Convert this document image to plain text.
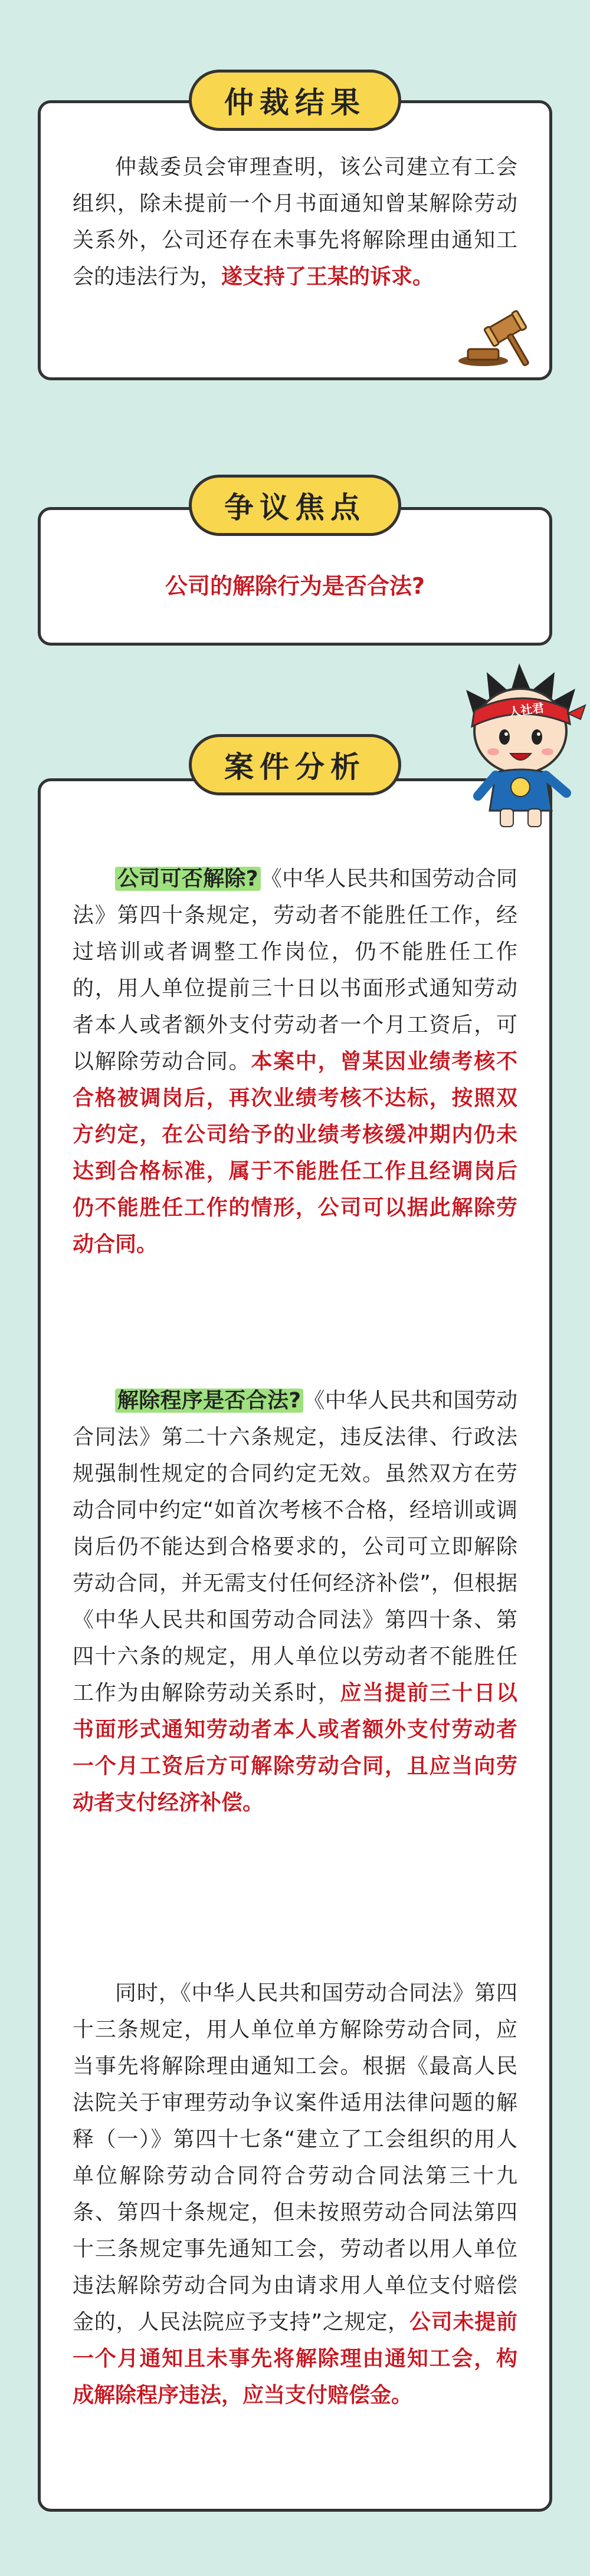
仲裁委员会审理查明，该公司建立有工会组织，除未提前一个月书面通知曾某解除劳动关系外，公司还存在未事先将解除理由通知工会的违法行为，遂支持了王某的诉求。
仲裁结果
公司的解除行为是否合法?
争议焦点
公司可否解除? 《中华人民共和国劳动合同法》第四十条规定，劳动者不能胜任工作，经过培训或者调整工作岗位，仍不能胜任工作的，用人单位提前三十日以书面形式通知劳动者本人或者额外支付劳动者一个月工资后，可以解除劳动合同。本案中，曾某因业绩考核不合格被调岗后，再次业绩考核不达标，按照双方约定，在公司给予的业绩考核缓冲期内仍未达到合格标准，属于不能胜任工作且经调岗后仍不能胜任工作的情形，公司可以据此解除劳动合同。
解除程序是否合法? 《中华人民共和国劳动合同法》第二十六条规定，违反法律、行政法规强制性规定的合同约定无效。虽然双方在劳动合同中约定“如首次考核不合格，经培训或调岗后仍不能达到合格要求的，公司可立即解除劳动合同，并无需支付任何经济补偿”，但根据《中华人民共和国劳动合同法》第四十条、第四十六条的规定，用人单位以劳动者不能胜任工作为由解除劳动关系时，应当提前三十日以书面形式通知劳动者本人或者额外支付劳动者一个月工资后方可解除劳动合同，且应当向劳动者支付经济补偿。
同时，《中华人民共和国劳动合同法》第四十三条规定，用人单位单方解除劳动合同，应当事先将解除理由通知工会。根据《最高人民法院关于审理劳动争议案件适用法律问题的解释（一）》第四十七条“建立了工会组织的用人单位解除劳动合同符合劳动合同法第三十九条、第四十条规定，但未按照劳动合同法第四十三条规定事先通知工会，劳动者以用人单位违法解除劳动合同为由请求用人单位支付赔偿金的，人民法院应予支持”之规定，公司未提前一个月通知且未事先将解除理由通知工会，构成解除程序违法，应当支付赔偿金。
案件分析
人社君
